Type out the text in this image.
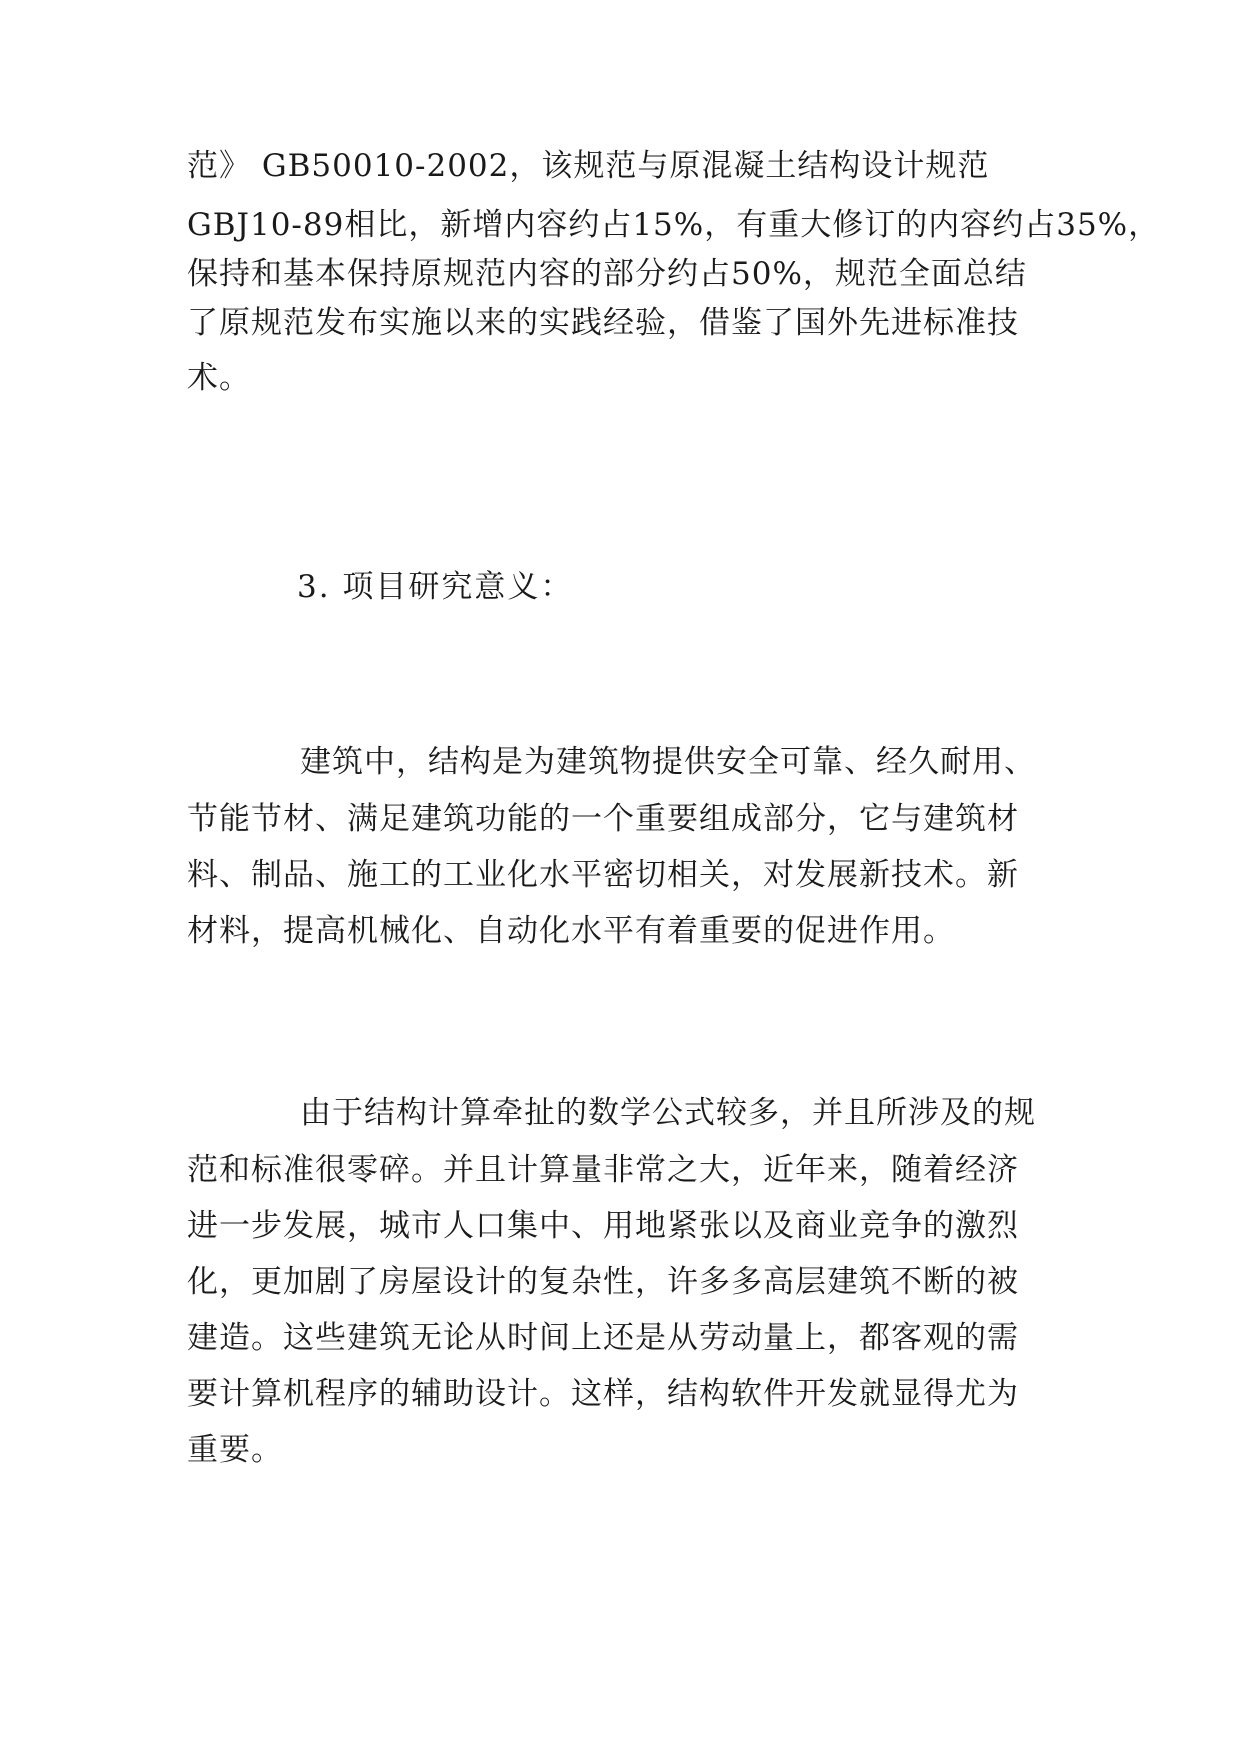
范》 GB50010-2002，该规范与原混凝土结构设计规范
GBJ10-89相比，新增内容约占15%，有重大修订的内容约占35%，
保持和基本保持原规范内容的部分约占50%，规范全面总结
了原规范发布实施以来的实践经验，借鉴了国外先进标准技
术。
3. 项目研究意义：
建筑中，结构是为建筑物提供安全可靠、经久耐用、
节能节材、满足建筑功能的一个重要组成部分，它与建筑材
料、制品、施工的工业化水平密切相关，对发展新技术。新
材料，提高机械化、自动化水平有着重要的促进作用。
由于结构计算牵扯的数学公式较多，并且所涉及的规
范和标准很零碎。并且计算量非常之大，近年来，随着经济
进一步发展，城市人口集中、用地紧张以及商业竞争的激烈
化，更加剧了房屋设计的复杂性，许多多高层建筑不断的被
建造。这些建筑无论从时间上还是从劳动量上，都客观的需
要计算机程序的辅助设计。这样，结构软件开发就显得尤为
重要。
